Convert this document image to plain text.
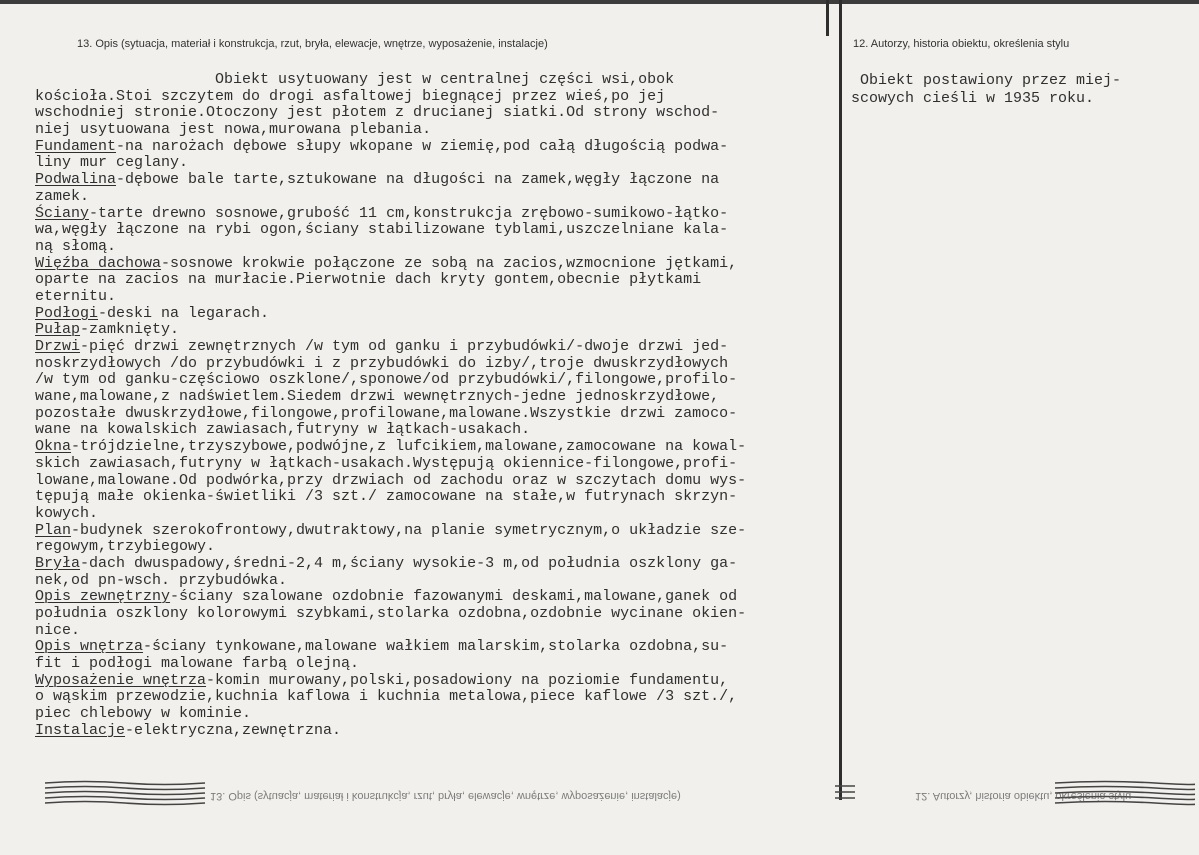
13. Opis (sytuacja, materiał i konstrukcja, rzut, bryła, elewacje, wnętrze, wyposażenie, instalacje)	12. Autorzy, historia obiektu, określenia stylu
Obiekt usytuowany jest w centralnej części wsi,obok
kościoła.Stoi szczytem do drogi asfaltowej biegnącej przez wieś,po jej
wschodniej stronie.Otoczony jest płotem z drucianej siatki.Od strony wschod-
niej usytuowana jest nowa,murowana plebania.
Fundament-na narożach dębowe słupy wkopane w ziemię,pod całą długością podwa-
liny mur ceglany.
Podwalina-dębowe bale tarte,sztukowane na długości na zamek,węgły łączone na
zamek.
Ściany-tarte drewno sosnowe,grubość 11 cm,konstrukcja zrębowo-sumikowo-łątko-
wa,węgły łączone na rybi ogon,ściany stabilizowane tyblami,uszczelniane kala-
ną słomą.
Więźba dachowa-sosnowe krokwie połączone ze sobą na zacios,wzmocnione jętkami,
oparte na zacios na murłacie.Pierwotnie dach kryty gontem,obecnie płytkami
eternitu.
Podłogi-deski na legarach.
Pułap-zamknięty.
Drzwi-pięć drzwi zewnętrznych /w tym od ganku i przybudówki/-dwoje drzwi jed-
noskrzydłowych /do przybudówki i z przybudówki do izby/,troje dwuskrzydłowych
/w tym od ganku-częściowo oszklone/,sponowe/od przybudówki/,filongowe,profilo-
wane,malowane,z nadświetlem.Siedem drzwi wewnętrznych-jedne jednoskrzydłowe,
pozostałe dwuskrzydłowe,filongowe,profilowane,malowane.Wszystkie drzwi zamoco-
wane na kowalskich zawiasach,futryny w łątkach-usakach.
Okna-trójdzielne,trzyszybowe,podwójne,z lufcikiem,malowane,zamocowane na kowal-
skich zawiasach,futryny w łątkach-usakach.Występują okiennice-filongowe,profi-
lowane,malowane.Od podwórka,przy drzwiach od zachodu oraz w szczytach domu wys-
tępują małe okienka-świetliki /3 szt./ zamocowane na stałe,w futrynach skrzyn-
kowych.
Plan-budynek szerokofrontowy,dwutraktowy,na planie symetrycznym,o układzie sze-
regowym,trzybiegowy.
Bryła-dach dwuspadowy,średni-2,4 m,ściany wysokie-3 m,od południa oszklony ga-
nek,od pn-wsch. przybudówka.
Opis zewnętrzny-ściany szalowane ozdobnie fazowanymi deskami,malowane,ganek od
południa oszklony kolorowymi szybkami,stolarka ozdobna,ozdobnie wycinane okien-
nice.
Opis wnętrza-ściany tynkowane,malowane wałkiem malarskim,stolarka ozdobna,su-
fit i podłogi malowane farbą olejną.
Wyposażenie wnętrza-komin murowany,polski,posadowiony na poziomie fundamentu,
o wąskim przewodzie,kuchnia kaflowa i kuchnia metalowa,piece kaflowe /3 szt./,
piec chlebowy w kominie.
Instalacje-elektryczna,zewnętrzna.
Obiekt postawiony przez miej-
scowych cieśli w 1935 roku.
13. Opis (sytuacja, materiał i konstrukcja, rzut, bryła, elewacje, wnętrze, wyposażenie, instalacje)	12. Autorzy, historia obiektu, określenia stylu
